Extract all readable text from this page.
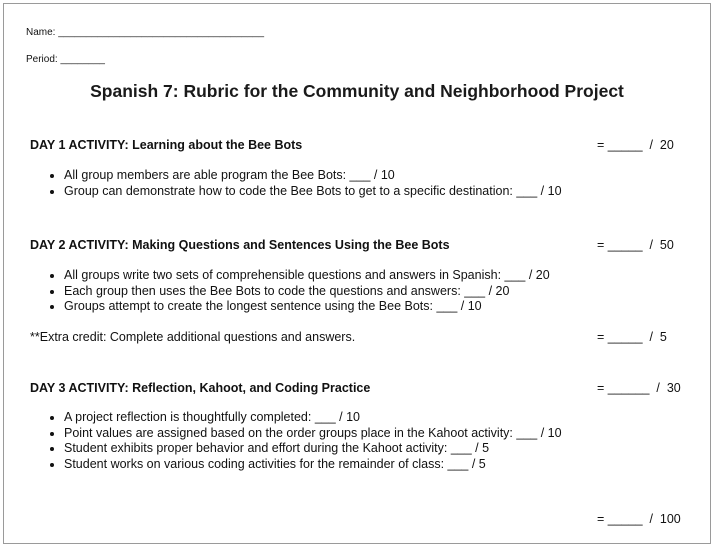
Name: _____________________________________
Period: ________
Spanish 7: Rubric for the Community and Neighborhood Project
DAY 1 ACTIVITY: Learning about the Bee Bots	= _____  /  20
• All group members are able program the Bee Bots: ___ / 10
• Group can demonstrate how to code the Bee Bots to get to a specific destination: ___ / 10
DAY 2 ACTIVITY: Making Questions and Sentences Using the Bee Bots	= _____  /  50
• All groups write two sets of comprehensible questions and answers in Spanish: ___ / 20
• Each group then uses the Bee Bots to code the questions and answers: ___ / 20
• Groups attempt to create the longest sentence using the Bee Bots: ___ / 10
**Extra credit: Complete additional questions and answers.	= _____  /  5
DAY 3 ACTIVITY: Reflection, Kahoot, and Coding Practice	= ______  /  30
• A project reflection is thoughtfully completed: ___ / 10
• Point values are assigned based on the order groups place in the Kahoot activity: ___ / 10
• Student exhibits proper behavior and effort during the Kahoot activity: ___ / 5
• Student works on various coding activities for the remainder of class: ___ / 5
= _____  /  100
